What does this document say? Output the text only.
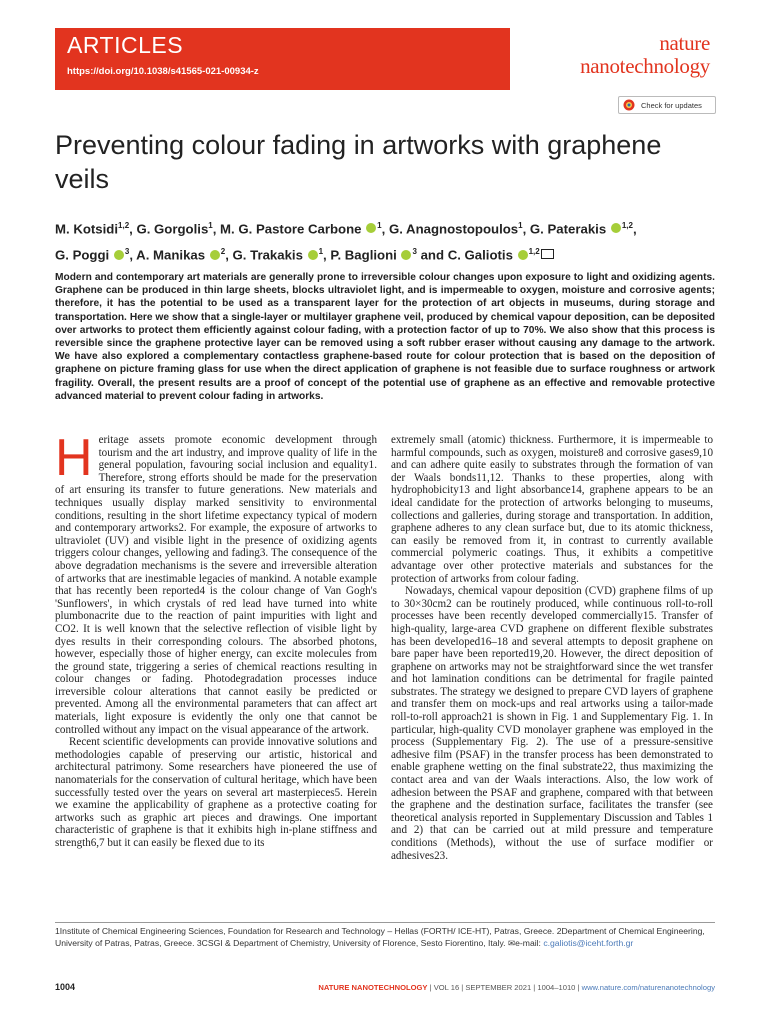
ARTICLES
https://doi.org/10.1038/s41565-021-00934-z
nature
nanotechnology
Check for updates
Preventing colour fading in artworks with graphene veils
M. Kotsidi$^{1,2}$, G. Gorgolis$^1$, M. G. Pastore Carbone $^1$, G. Anagnostopoulos$^1$, G. Paterakis $^{1,2}$,
G. Poggi $^3$, A. Manikas $^2$, G. Trakakis $^1$, P. Baglioni $^3$ and C. Galiotis $^{1,2}$
Modern and contemporary art materials are generally prone to irreversible colour changes upon exposure to light and oxidizing agents. Graphene can be produced in thin large sheets, blocks ultraviolet light, and is impermeable to oxygen, moisture and corrosive agents; therefore, it has the potential to be used as a transparent layer for the protection of art objects in museums, during storage and transportation. Here we show that a single-layer or multilayer graphene veil, produced by chemical vapour deposition, can be deposited over artworks to protect them efficiently against colour fading, with a protection factor of up to 70%. We also show that this process is reversible since the graphene protective layer can be removed using a soft rubber eraser without causing any damage to the artwork. We have also explored a complementary contactless graphene-based route for colour protection that is based on the deposition of graphene on picture framing glass for use when the direct application of graphene is not feasible due to surface roughness or artwork fragility. Overall, the present results are a proof of concept of the potential use of graphene as an effective and removable protective advanced material to prevent colour fading in artworks.

Heritage assets promote economic development through tourism and the art industry, and improve quality of life in the general population, favouring social inclusion and equality1. Therefore, strong efforts should be made for the preservation of art ensuring its transfer to future generations. New materials and techniques usually display marked sensitivity to environmental conditions, resulting in the short lifetime expectancy typical of modern and contemporary artworks2. For example, the exposure of artworks to ultraviolet (UV) and visible light in the presence of oxidizing agents triggers colour changes, yellowing and fading3. The consequence of the above degradation mechanisms is the severe and irreversible alteration of artworks that are inestimable legacies of mankind. A notable example that has recently been reported4 is the colour change of Van Gogh's 'Sunflowers', in which crystals of red lead have turned into white plumbonacrite due to the reaction of paint impurities with light and CO2. It is well known that the selective reflection of visible light by dyes results in their corresponding colours. The absorbed photons, however, especially those of higher energy, can excite molecules from the ground state, triggering a series of chemical reactions resulting in colour changes or fading. Photodegradation processes induce irreversible colour alterations that cannot easily be predicted or prevented. Among all the environmental parameters that can affect art materials, light exposure is evidently the only one that cannot be controlled without any impact on the visual appearance of the artwork.

Recent scientific developments can provide innovative solutions and methodologies capable of preserving our artistic, historical and architectural patrimony. Some researchers have pioneered the use of nanomaterials for the conservation of cultural heritage, which have been successfully tested over the years on several art masterpieces5. Herein we examine the applicability of graphene as a protective coating for artworks such as graphic art pieces and drawings. One important characteristic of graphene is that it exhibits high in-plane stiffness and strength6,7 but it can easily be flexed due to its

extremely small (atomic) thickness. Furthermore, it is impermeable to harmful compounds, such as oxygen, moisture8 and corrosive gases9,10 and can adhere quite easily to substrates through the formation of van der Waals bonds11,12. Thanks to these properties, along with hydrophobicity13 and light absorbance14, graphene appears to be an ideal candidate for the protection of artworks belonging to museums, collections and galleries, during storage and transportation. In addition, graphene adheres to any clean surface but, due to its atomic thickness, can easily be removed from it, in contrast to currently available commercial polymeric coatings. Thus, it exhibits a competitive advantage over other protective materials and substances for the protection of artworks from colour fading.

Nowadays, chemical vapour deposition (CVD) graphene films of up to 30×30cm2 can be routinely produced, while continuous roll-to-roll processes have been recently developed commercially15. Transfer of high-quality, large-area CVD graphene on different flexible substrates has been developed16–18 and several attempts to deposit graphene on bare paper have been reported19,20. However, the direct deposition of graphene on artworks may not be straightforward since the wet transfer and hot lamination conditions can be detrimental for fragile painted substrates. The strategy we designed to prepare CVD layers of graphene and transfer them on mock-ups and real artworks using a tailor-made roll-to-roll approach21 is shown in Fig. 1 and Supplementary Fig. 1. In particular, high-quality CVD monolayer graphene was employed in the process (Supplementary Fig. 2). The use of a pressure-sensitive adhesive film (PSAF) in the transfer process has been demonstrated to enable graphene wetting on the final substrate22, thus maximizing the contact area and van der Waals interactions. Also, the low work of adhesion between the PSAF and graphene, compared with that between the graphene and the destination surface, facilitates the transfer (see theoretical analysis reported in Supplementary Discussion and Tables 1 and 2) that can be carried out at mild pressure and temperature conditions (Methods), without the use of surface modifier or adhesives23.

1Institute of Chemical Engineering Sciences, Foundation for Research and Technology – Hellas (FORTH/ ICE-HT), Patras, Greece. 2Department of Chemical Engineering, University of Patras, Patras, Greece. 3CSGI & Department of Chemistry, University of Florence, Sesto Fiorentino, Italy. ✉e-mail: c.galiotis@iceht.forth.gr
1004	NATURE NANOTECHNOLOGY | VOL 16 | SEPTEMBER 2021 | 1004–1010 | www.nature.com/naturenanotechnology
